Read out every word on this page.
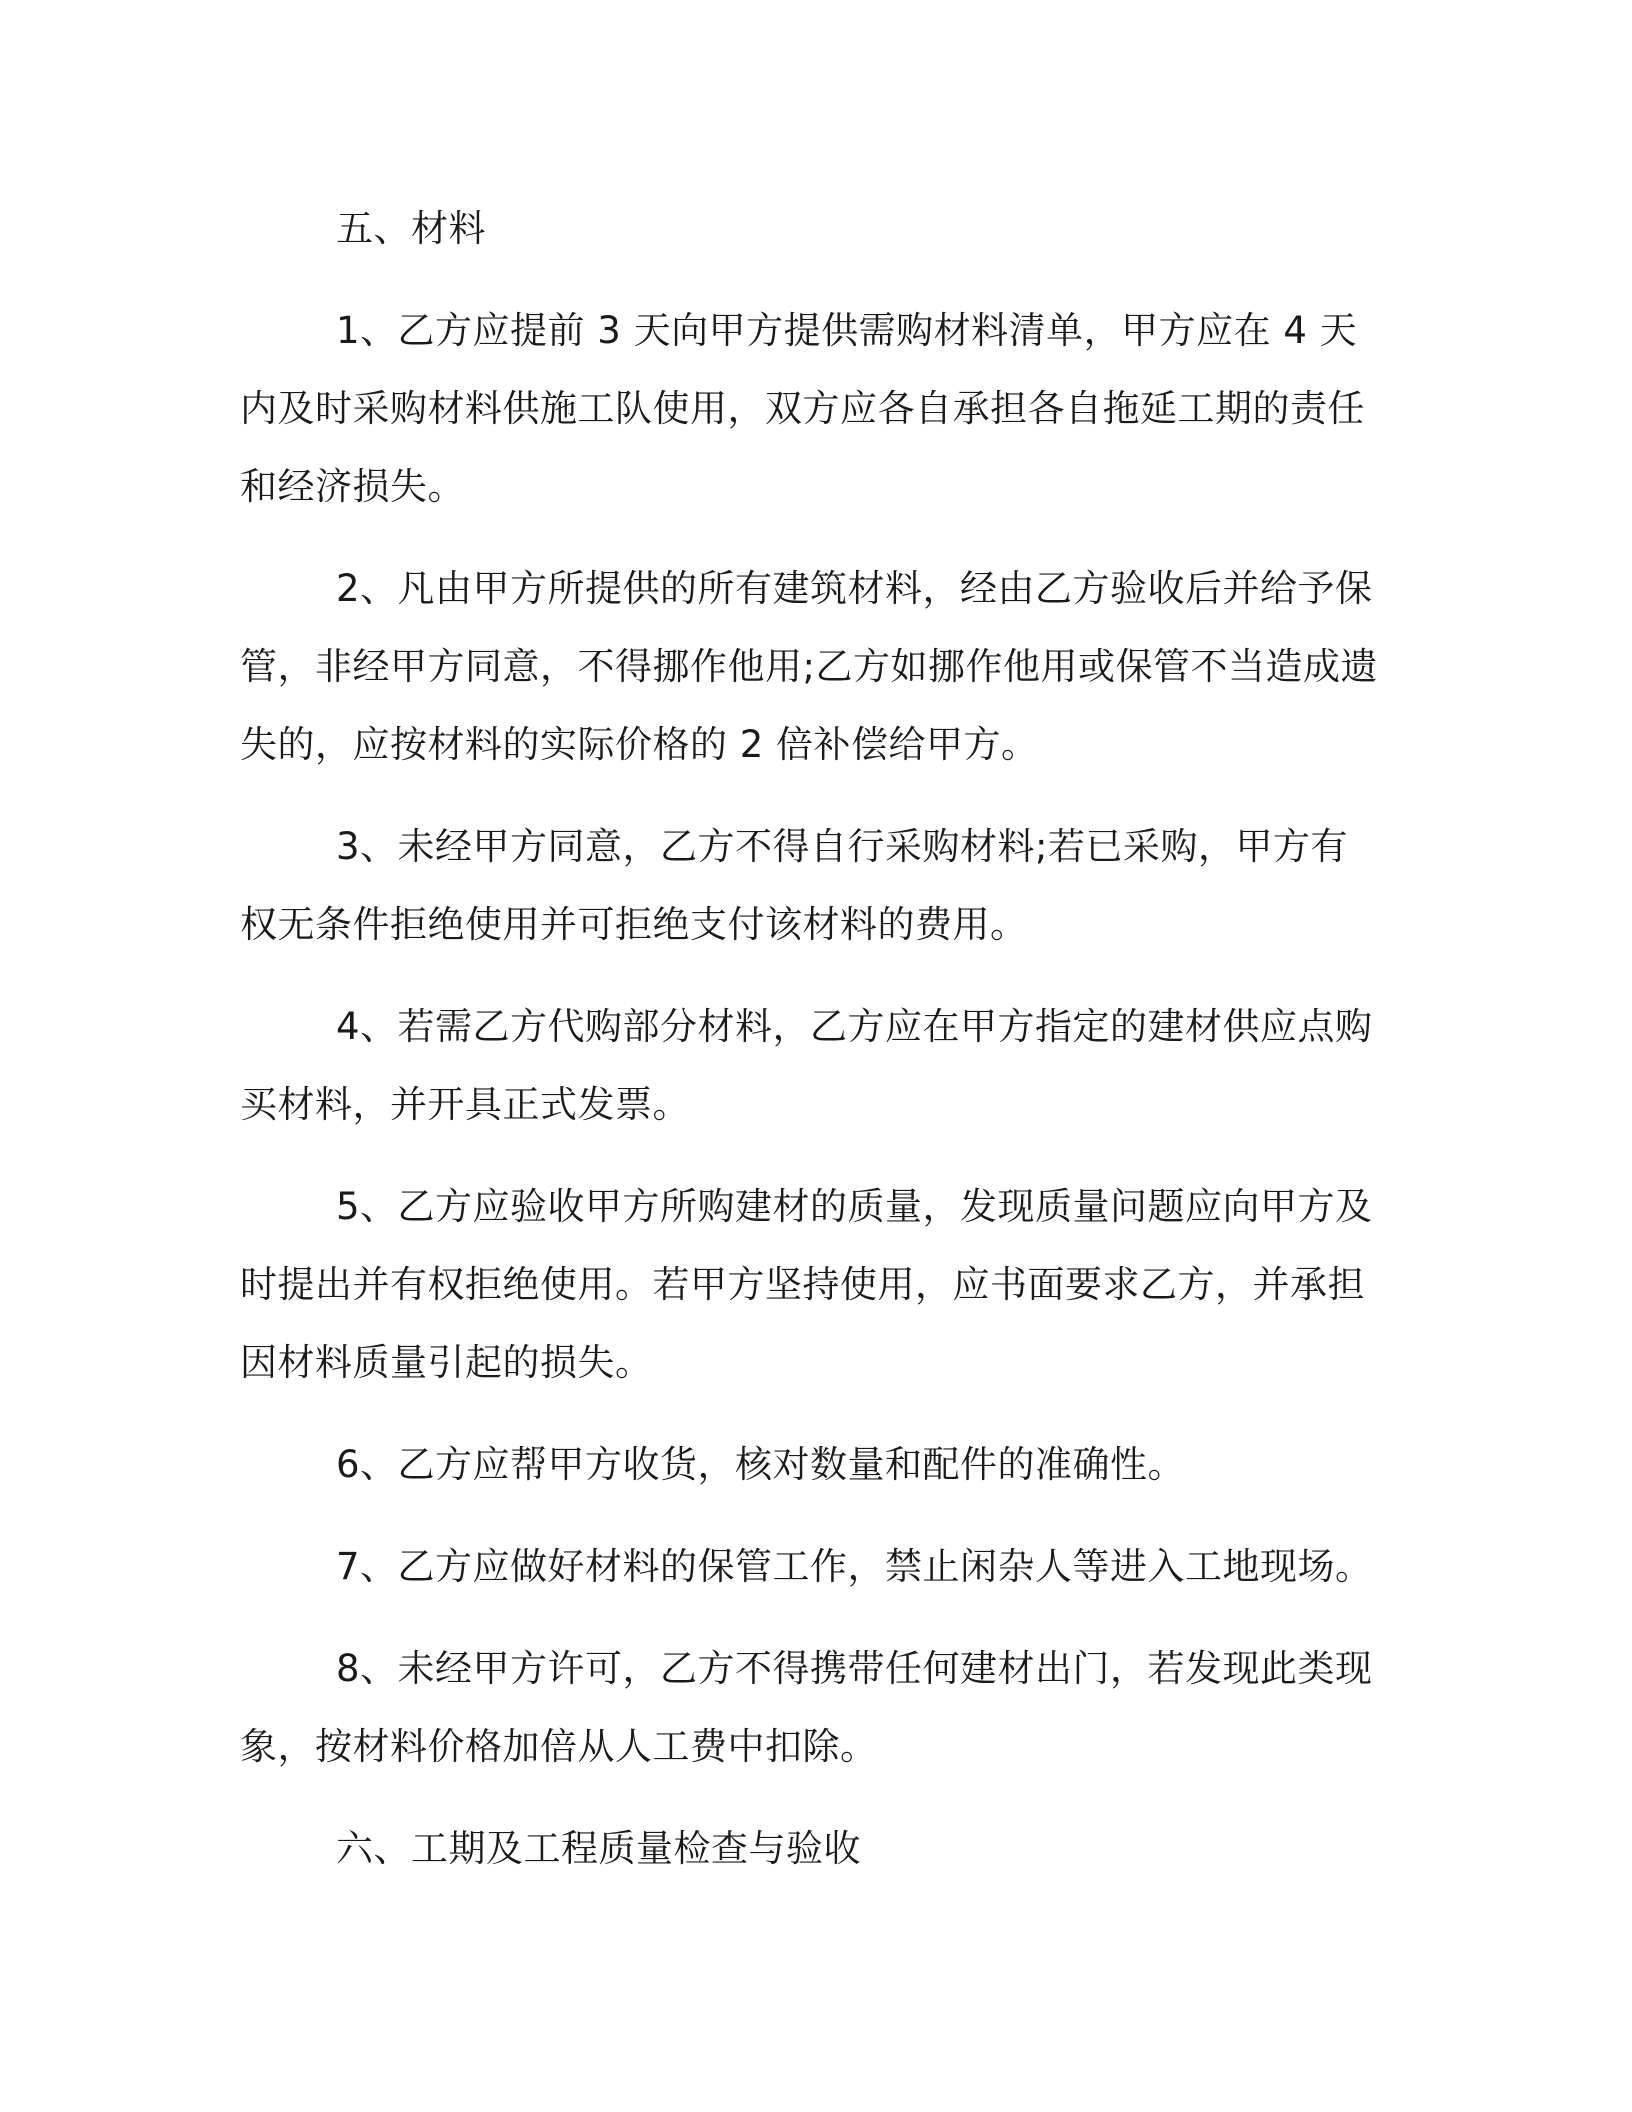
五、材料

1、乙方应提前 3 天向甲方提供需购材料清单，甲方应在 4 天内及时采购材料供施工队使用，双方应各自承担各自拖延工期的责任和经济损失。

2、凡由甲方所提供的所有建筑材料，经由乙方验收后并给予保管，非经甲方同意，不得挪作他用;乙方如挪作他用或保管不当造成遗失的，应按材料的实际价格的 2 倍补偿给甲方。

3、未经甲方同意，乙方不得自行采购材料;若已采购，甲方有权无条件拒绝使用并可拒绝支付该材料的费用。

4、若需乙方代购部分材料，乙方应在甲方指定的建材供应点购买材料，并开具正式发票。

5、乙方应验收甲方所购建材的质量，发现质量问题应向甲方及时提出并有权拒绝使用。若甲方坚持使用，应书面要求乙方，并承担因材料质量引起的损失。

6、乙方应帮甲方收货，核对数量和配件的准确性。

7、乙方应做好材料的保管工作，禁止闲杂人等进入工地现场。

8、未经甲方许可，乙方不得携带任何建材出门，若发现此类现象，按材料价格加倍从人工费中扣除。

六、工期及工程质量检查与验收
